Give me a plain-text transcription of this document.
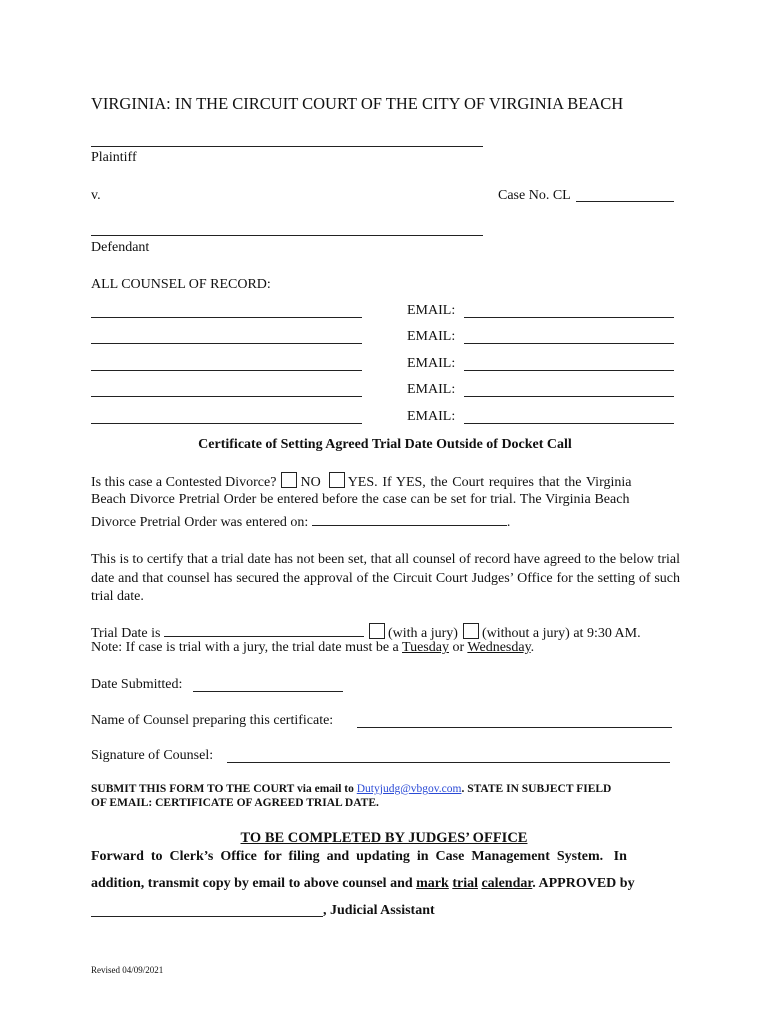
VIRGINIA: IN THE CIRCUIT COURT OF THE CITY OF VIRGINIA BEACH
Plaintiff
v.	Case No. CL
Defendant
ALL COUNSEL OF RECORD:
EMAIL:
EMAIL:
EMAIL:
EMAIL:
EMAIL:
Certificate of Setting Agreed Trial Date Outside of Docket Call
Is this case a Contested Divorce? NO YES. If YES, the Court requires that the Virginia
Beach Divorce Pretrial Order be entered before the case can be set for trial. The Virginia Beach
Divorce Pretrial Order was entered on:	.
This is to certify that a trial date has not been set, that all counsel of record have agreed to the below trial date and that counsel has secured the approval of the Circuit Court Judges’ Office for the setting of such trial date.
Trial Date is	(with a jury) (without a jury) at 9:30 AM.
Note: If case is trial with a jury, the trial date must be a Tuesday or Wednesday.
Date Submitted:
Name of Counsel preparing this certificate:
Signature of Counsel:
SUBMIT THIS FORM TO THE COURT via email to Dutyjudg@vbgov.com. STATE IN SUBJECT FIELD
OF EMAIL: CERTIFICATE OF AGREED TRIAL DATE.
TO BE COMPLETED BY JUDGES’ OFFICE
Forward  to  Clerk’s  Office  for  filing  and  updating  in  Case  Management  System.   In
addition, transmit copy by email to above counsel and mark trial calendar. APPROVED by
, Judicial Assistant
Revised 04/09/2021
